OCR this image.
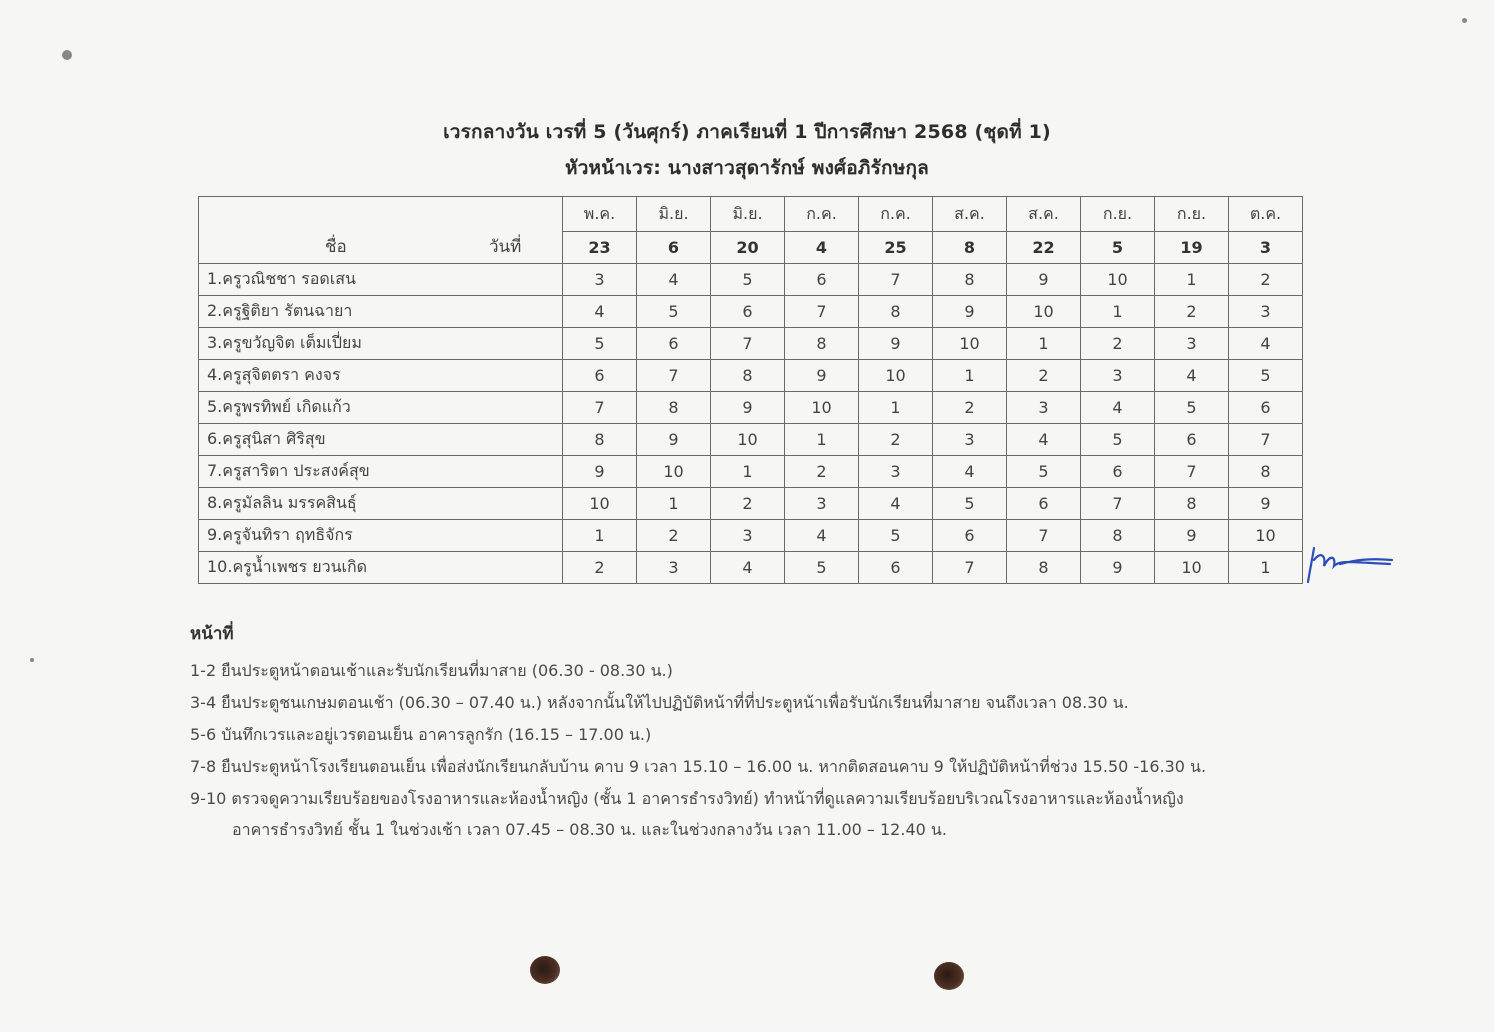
เวรกลางวัน เวรที่ 5 (วันศุกร์) ภาคเรียนที่ 1 ปีการศึกษา 2568 (ชุดที่ 1)
หัวหน้าเวร: นางสาวสุดารักษ์ พงศ์อภิรักษกุล
ชื่อ วันที่	พ.ค.	มิ.ย.	มิ.ย.	ก.ค.	ก.ค.	ส.ค.	ส.ค.	ก.ย.	ก.ย.	ต.ค.
	23	6	20	4	25	8	22	5	19	3
1.ครูวณิชชา รอดเสน	3	4	5	6	7	8	9	10	1	2
2.ครูฐิติยา รัตนฉายา	4	5	6	7	8	9	10	1	2	3
3.ครูขวัญจิต เต็มเปี่ยม	5	6	7	8	9	10	1	2	3	4
4.ครูสุจิตตรา คงจร	6	7	8	9	10	1	2	3	4	5
5.ครูพรทิพย์ เกิดแก้ว	7	8	9	10	1	2	3	4	5	6
6.ครูสุนิสา ศิริสุข	8	9	10	1	2	3	4	5	6	7
7.ครูสาริตา ประสงค์สุข	9	10	1	2	3	4	5	6	7	8
8.ครูมัลลิน มรรคสินธุ์	10	1	2	3	4	5	6	7	8	9
9.ครูจันทิรา ฤทธิจักร	1	2	3	4	5	6	7	8	9	10
10.ครูน้ำเพชร ยวนเกิด	2	3	4	5	6	7	8	9	10	1
หน้าที่
1-2 ยืนประตูหน้าตอนเช้าและรับนักเรียนที่มาสาย (06.30 - 08.30 น.)
3-4 ยืนประตูชนเกษมตอนเช้า (06.30 – 07.40 น.) หลังจากนั้นให้ไปปฏิบัติหน้าที่ที่ประตูหน้าเพื่อรับนักเรียนที่มาสาย จนถึงเวลา 08.30 น.
5-6 บันทึกเวรและอยู่เวรตอนเย็น อาคารลูกรัก (16.15 – 17.00 น.)
7-8 ยืนประตูหน้าโรงเรียนตอนเย็น เพื่อส่งนักเรียนกลับบ้าน คาบ 9 เวลา 15.10 – 16.00 น. หากติดสอนคาบ 9 ให้ปฏิบัติหน้าที่ช่วง 15.50 -16.30 น.
9-10 ตรวจดูความเรียบร้อยของโรงอาหารและห้องน้ำหญิง (ชั้น 1 อาคารธำรงวิทย์) ทำหน้าที่ดูแลความเรียบร้อยบริเวณโรงอาหารและห้องน้ำหญิง
อาคารธำรงวิทย์ ชั้น 1 ในช่วงเช้า เวลา 07.45 – 08.30 น. และในช่วงกลางวัน เวลา 11.00 – 12.40 น.
